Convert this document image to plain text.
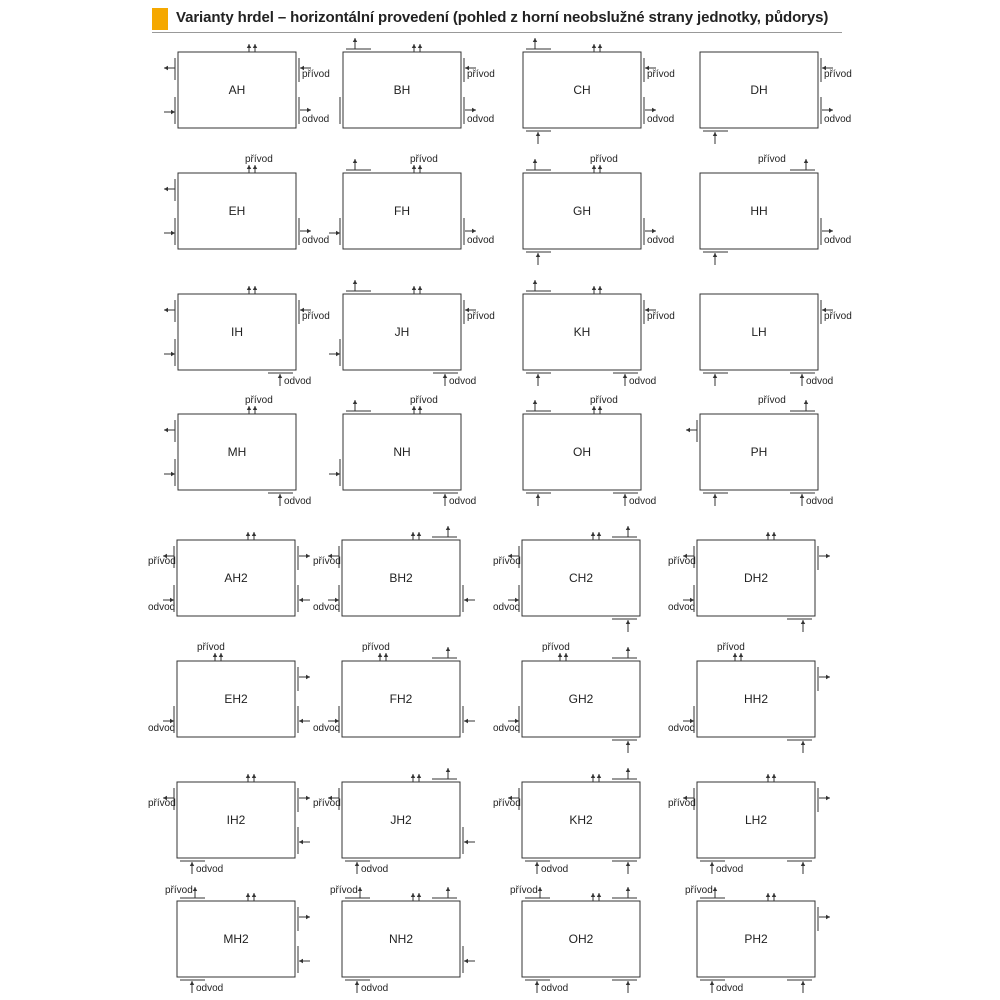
Varianty hrdel – horizontální provedení (pohled z horní neobslužné strany jednotky, půdorys)
AH
přívod
odvod
BH
přívod
odvod
CH
přívod
odvod
DH
přívod
odvod
EH
přívod
odvod
FH
přívod
odvod
GH
přívod
odvod
HH
přívod
odvod
IH
odvod
přívod
JH
odvod
přívod
KH
odvod
přívod
LH
odvod
přívod
MH
přívod
odvod
NH
přívod
odvod
OH
přívod
odvod
PH
přívod
odvod
AH2
přívod
odvod
BH2
přívod
odvod
CH2
přívod
odvod
DH2
přívod
odvod
EH2
přívod
odvod
FH2
přívod
odvod
GH2
přívod
odvod
HH2
přívod
odvod
IH2
odvod
přívod
JH2
odvod
přívod
KH2
odvod
přívod
LH2
odvod
přívod
MH2
přívod
odvod
NH2
přívod
odvod
OH2
přívod
odvod
PH2
přívod
odvod
